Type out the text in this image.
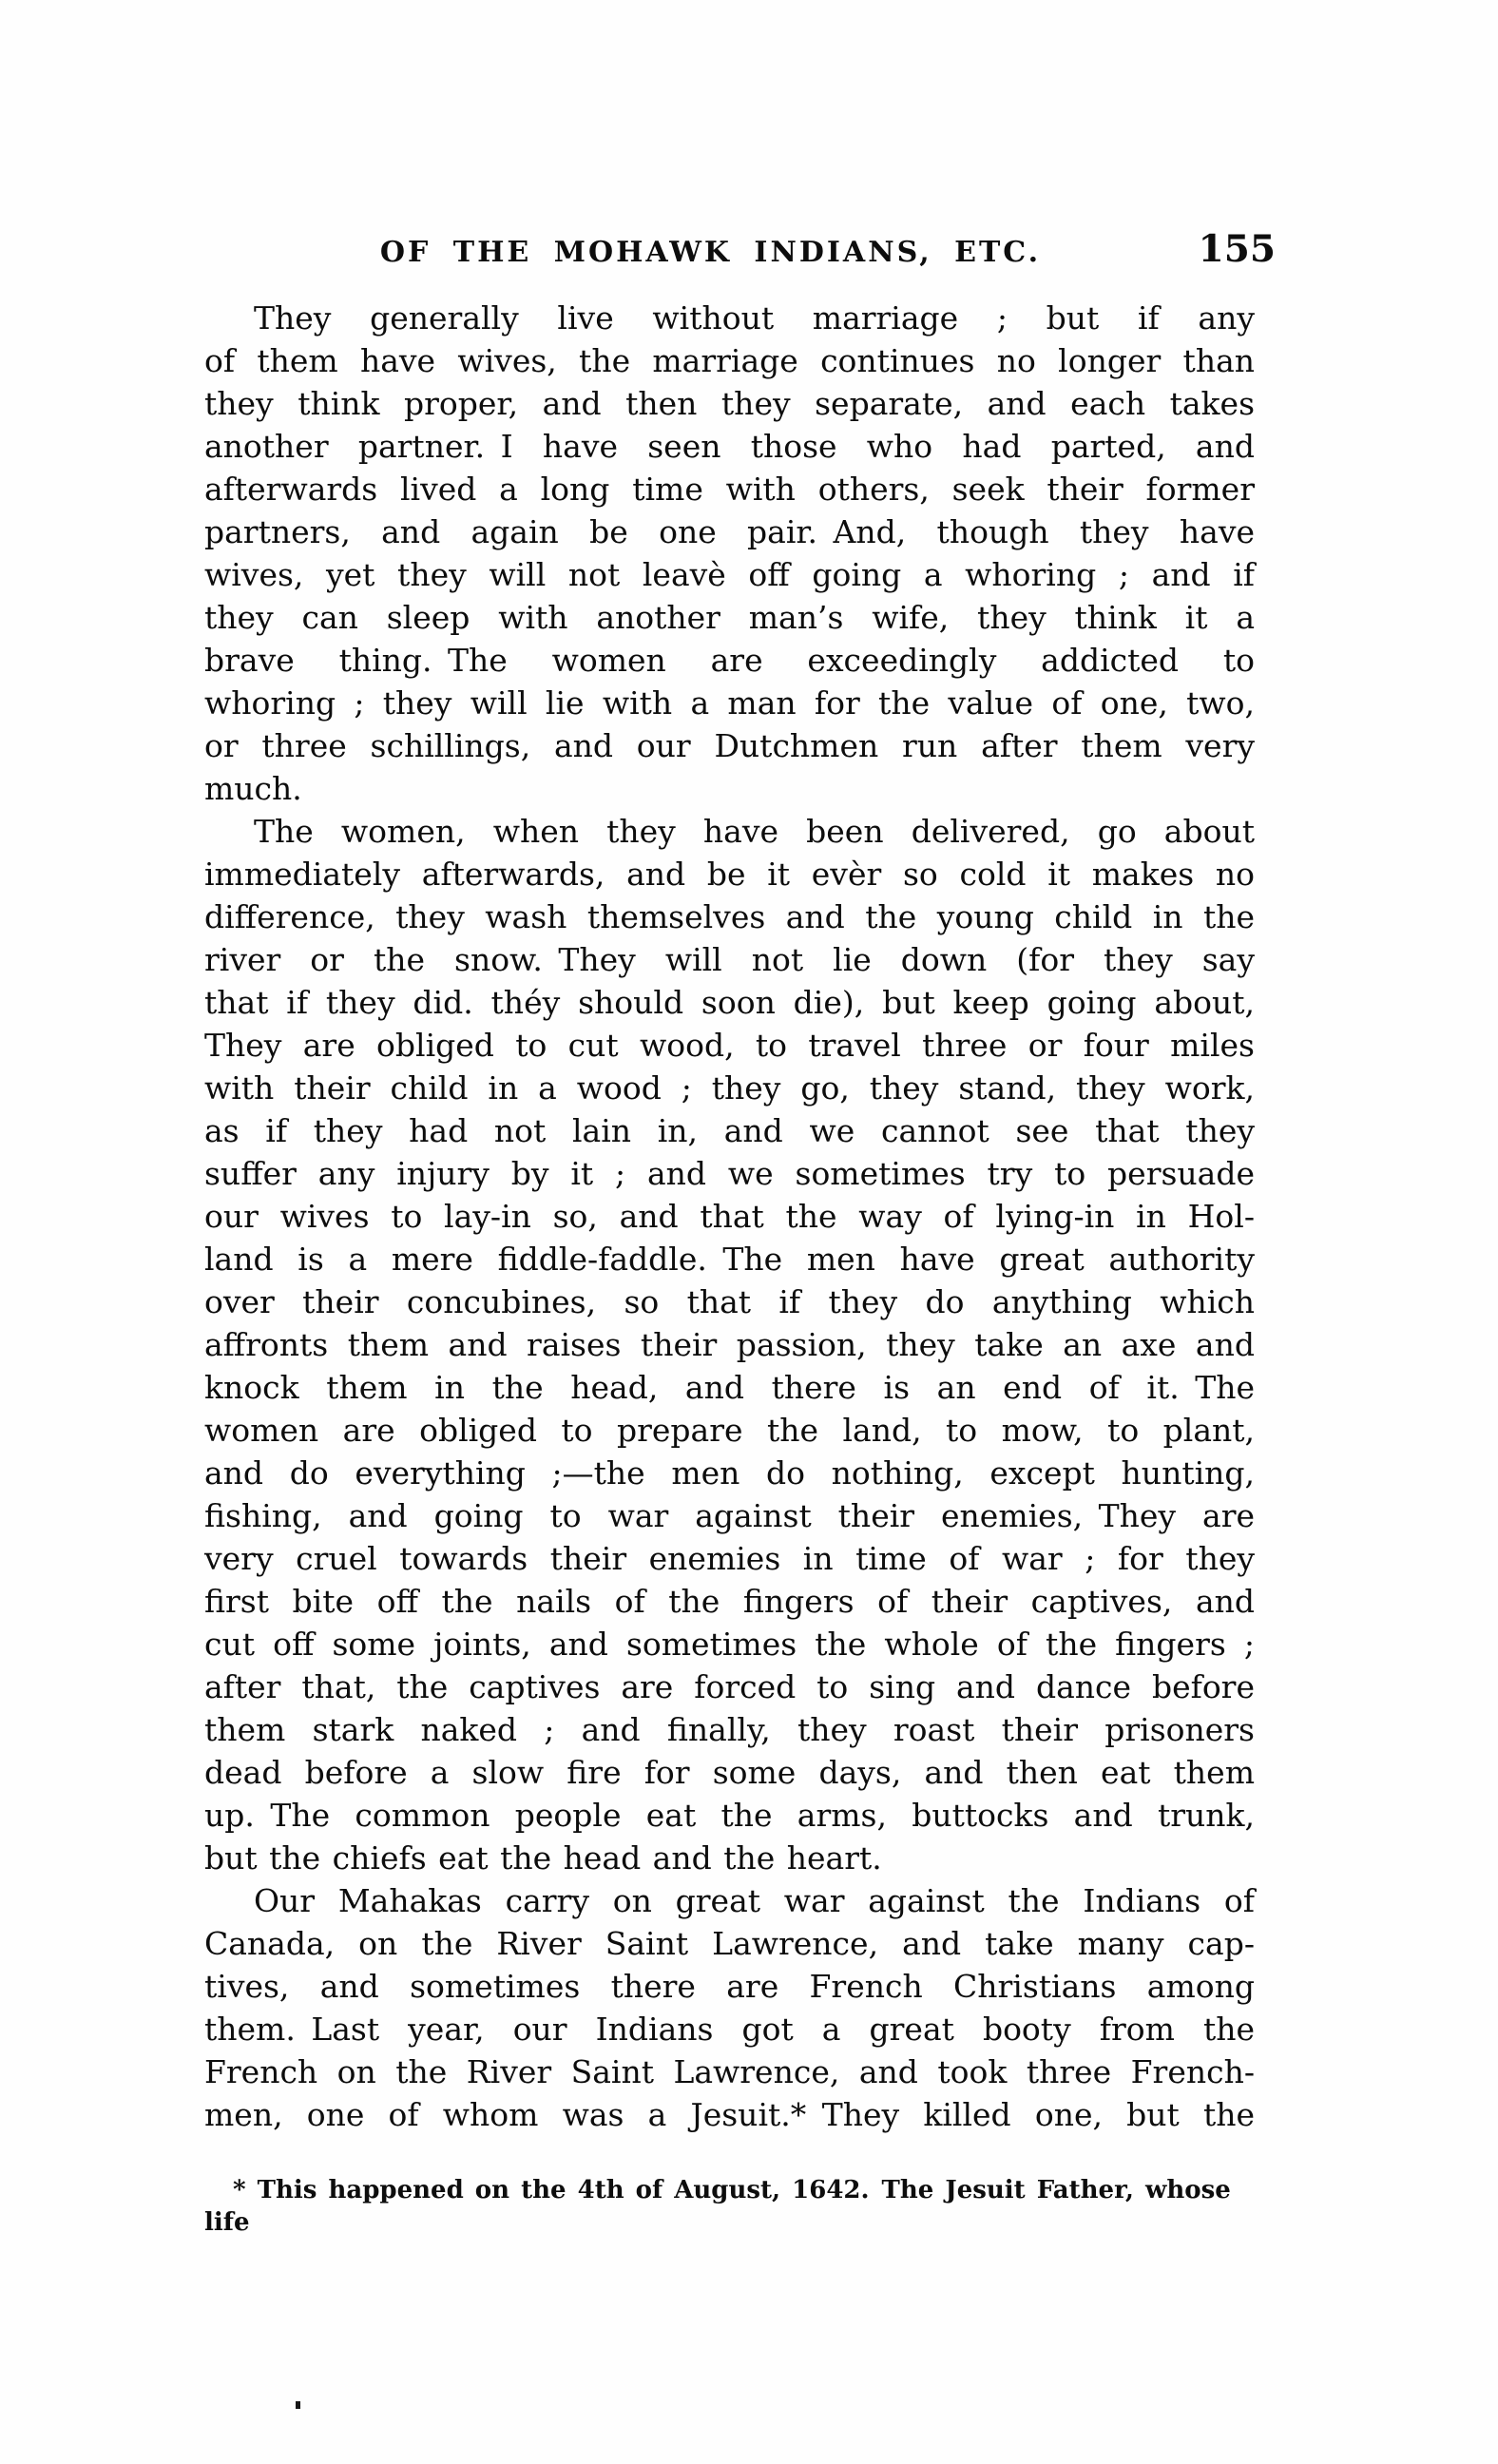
OF THE MOHAWK INDIANS, ETC.	155
They generally live without marriage ; but if any
of them have wives, the marriage continues no longer than
they think proper, and then they separate, and each takes
another partner. I have seen those who had parted, and
afterwards lived a long time with others, seek their former
partners, and again be one pair. And, though they have
wives, yet they will not leavè off going a whoring ; and if
they can sleep with another man’s wife, they think it a
brave thing. The women are exceedingly addicted to
whoring ; they will lie with a man for the value of one, two,
or three schillings, and our Dutchmen run after them very
much.
The women, when they have been delivered, go about
immediately afterwards, and be it evèr so cold it makes no
difference, they wash themselves and the young child in the
river or the snow. They will not lie down (for they say
that if they did. théy should soon die), but keep going about,
They are obliged to cut wood, to travel three or four miles
with their child in a wood ; they go, they stand, they work,
as if they had not lain in, and we cannot see that they
suffer any injury by it ; and we sometimes try to persuade
our wives to lay-in so, and that the way of lying-in in Hol-
land is a mere fiddle-faddle. The men have great authority
over their concubines, so that if they do anything which
affronts them and raises their passion, they take an axe and
knock them in the head, and there is an end of it. The
women are obliged to prepare the land, to mow, to plant,
and do everything ;—the men do nothing, except hunting,
fishing, and going to war against their enemies, They are
very cruel towards their enemies in time of war ; for they
first bite off the nails of the fingers of their captives, and
cut off some joints, and sometimes the whole of the fingers ;
after that, the captives are forced to sing and dance before
them stark naked ; and finally, they roast their prisoners
dead before a slow fire for some days, and then eat them
up. The common people eat the arms, buttocks and trunk,
but the chiefs eat the head and the heart.
Our Mahakas carry on great war against the Indians of
Canada, on the River Saint Lawrence, and take many cap-
tives, and sometimes there are French Christians among
them. Last year, our Indians got a great booty from the
French on the River Saint Lawrence, and took three French-
men, one of whom was a Jesuit.* They killed one, but the
* This happened on the 4th of August, 1642. The Jesuit Father, whose life
